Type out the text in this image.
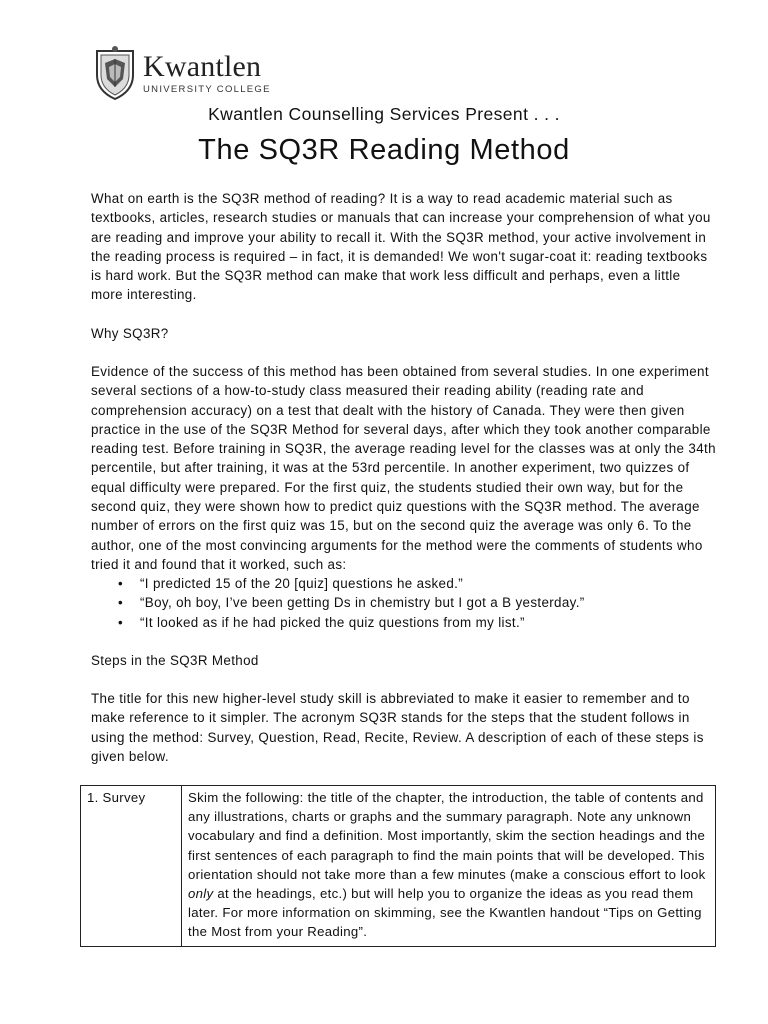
Kwantlen
UNIVERSITY COLLEGE
Kwantlen Counselling Services Present . . .
The SQ3R Reading Method

What on earth is the SQ3R method of reading? It is a way to read academic material such as textbooks, articles, research studies or manuals that can increase your comprehension of what you are reading and improve your ability to recall it. With the SQ3R method, your active involvement in the reading process is required – in fact, it is demanded! We won't sugar-coat it: reading textbooks is hard work. But the SQ3R method can make that work less difficult and perhaps, even a little more interesting.

Why SQ3R?

Evidence of the success of this method has been obtained from several studies. In one experiment several sections of a how-to-study class measured their reading ability (reading rate and comprehension accuracy) on a test that dealt with the history of Canada. They were then given practice in the use of the SQ3R Method for several days, after which they took another comparable reading test. Before training in SQ3R, the average reading level for the classes was at only the 34th percentile, but after training, it was at the 53rd percentile. In another experiment, two quizzes of equal difficulty were prepared. For the first quiz, the students studied their own way, but for the second quiz, they were shown how to predict quiz questions with the SQ3R method. The average number of errors on the first quiz was 15, but on the second quiz the average was only 6. To the author, one of the most convincing arguments for the method were the comments of students who tried it and found that it worked, such as:

• “I predicted 15 of the 20 [quiz] questions he asked.”
• “Boy, oh boy, I’ve been getting Ds in chemistry but I got a B yesterday.”
• “It looked as if he had picked the quiz questions from my list.”
Steps in the SQ3R Method

The title for this new higher-level study skill is abbreviated to make it easier to remember and to make reference to it simpler. The acronym SQ3R stands for the steps that the student follows in using the method: Survey, Question, Read, Recite, Review. A description of each of these steps is given below.

1. Survey	Skim the following: the title of the chapter, the introduction, the table of contents and any illustrations, charts or graphs and the summary paragraph. Note any unknown vocabulary and find a definition. Most importantly, skim the section headings and the first sentences of each paragraph to find the main points that will be developed. This orientation should not take more than a few minutes (make a conscious effort to look only at the headings, etc.) but will help you to organize the ideas as you read them later. For more information on skimming, see the Kwantlen handout “Tips on Getting the Most from your Reading”.
